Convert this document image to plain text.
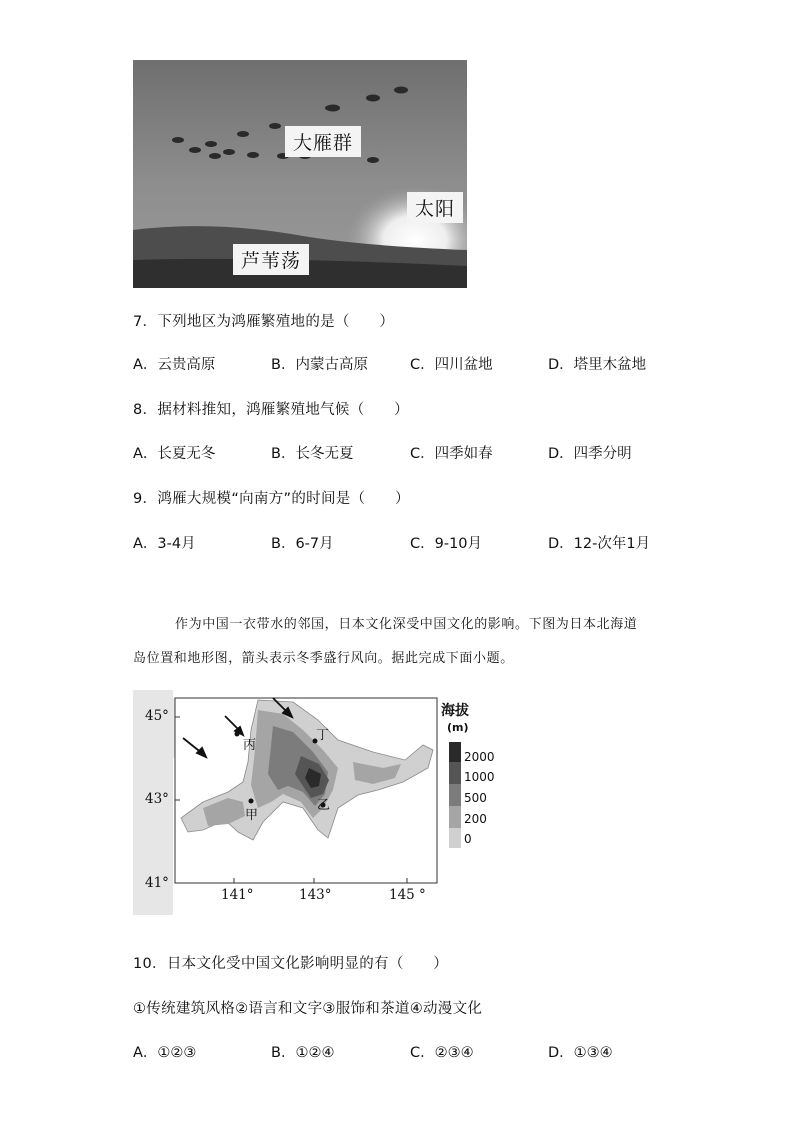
大雁群
太阳
芦苇荡
7．下列地区为鸿雁繁殖地的是（　　）
A．云贵高原	B．内蒙古高原	C．四川盆地	D．塔里木盆地
8．据材料推知，鸿雁繁殖地气候（　　）
A．长夏无冬	B．长冬无夏	C．四季如春	D．四季分明
9．鸿雁大规模“向南方”的时间是（　　）
A．3-4月	B．6-7月	C．9-10月	D．12-次年1月
作为中国一衣带水的邻国，日本文化深受中国文化的影响。下图为日本北海道
岛位置和地形图，箭头表示冬季盛行风向。据此完成下面小题。
45°
43°
41°
141°	143°	145 °
丙
丁
甲
乙
海拔
(m)
2000
1000
500
200
0
10．日本文化受中国文化影响明显的有（　　）
①传统建筑风格②语言和文字③服饰和茶道④动漫文化
A．①②③	B．①②④	C．②③④	D．①③④
